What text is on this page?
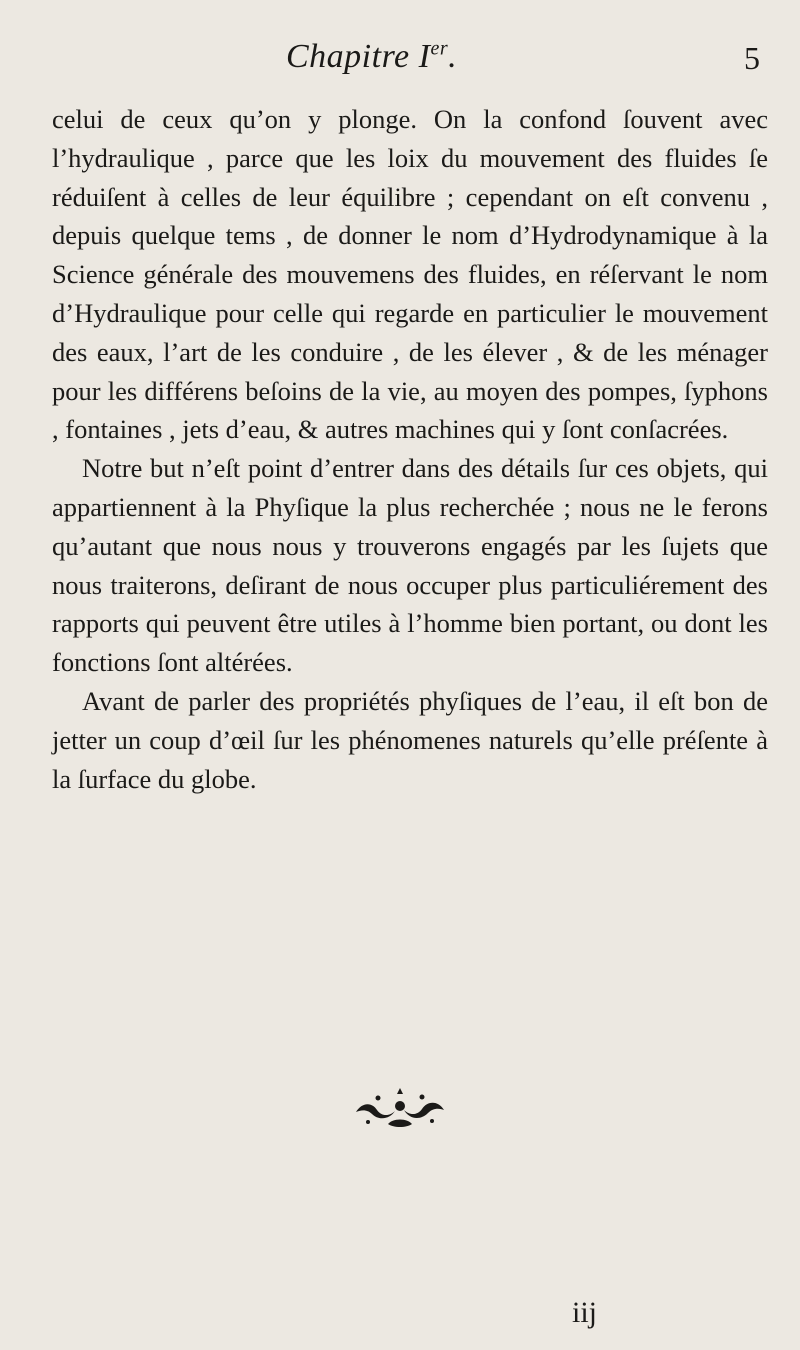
Chapitre Ier.	5

celui de ceux qu’on y plonge. On la confond ſouvent avec l’hydraulique , parce que les loix du mouvement des fluides ſe réduiſent à celles de leur équilibre ; cependant on eſt convenu , depuis quelque tems , de donner le nom d’Hydrodynamique à la Science générale des mouvemens des fluides, en réſervant le nom d’Hydraulique pour celle qui regarde en particulier le mouvement des eaux, l’art de les conduire , de les élever , & de les ménager pour les différens beſoins de la vie, au moyen des pompes, ſyphons , fontaines , jets d’eau, & autres machines qui y ſont conſacrées.

Notre but n’eſt point d’entrer dans des détails ſur ces objets, qui appartiennent à la Phyſique la plus recherchée ; nous ne le ferons qu’autant que nous nous y trouverons engagés par les ſujets que nous traiterons, deſirant de nous occuper plus particuliérement des rapports qui peuvent être utiles à l’homme bien portant, ou dont les fonctions ſont altérées.

Avant de parler des propriétés phyſiques de l’eau, il eſt bon de jetter un coup d’œil ſur les phénomenes naturels qu’elle préſente à la ſurface du globe.

iij
